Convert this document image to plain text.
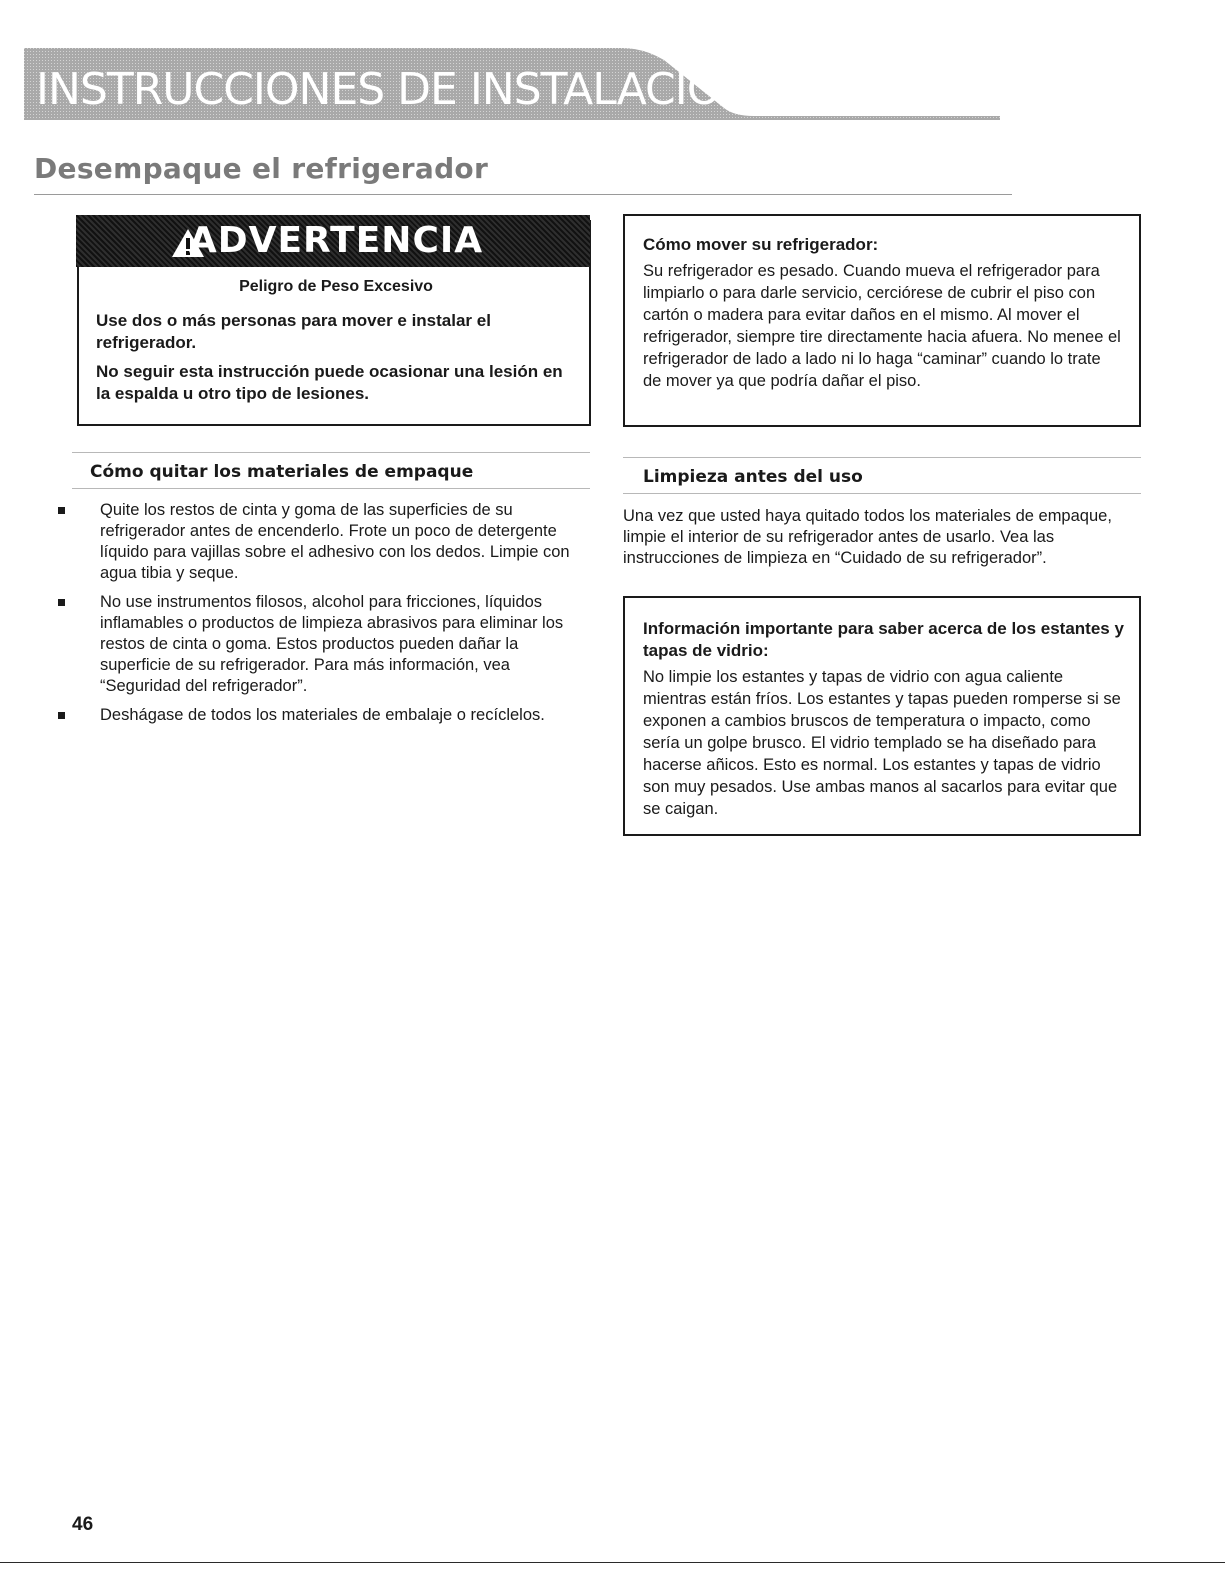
INSTRUCCIONES DE INSTALACIÓN
Desempaque el refrigerador
ADVERTENCIA
Peligro de Peso Excesivo
Use dos o más personas para mover e instalar el refrigerador.
No seguir esta instrucción puede ocasionar una lesión en la espalda u otro tipo de lesiones.
Cómo mover su refrigerador:
Su refrigerador es pesado. Cuando mueva el refrigerador para limpiarlo o para darle servicio, cerciórese de cubrir el piso con cartón o madera para evitar daños en el mismo. Al mover el refrigerador, siempre tire directamente hacia afuera. No menee el refrigerador de lado a lado ni lo haga “caminar” cuando lo trate de mover ya que podría dañar el piso.
Cómo quitar los materiales de empaque
Quite los restos de cinta y goma de las superficies de su refrigerador antes de encenderlo. Frote un poco de detergente líquido para vajillas sobre el adhesivo con los dedos. Limpie con agua tibia y seque.
No use instrumentos filosos, alcohol para fricciones, líquidos inflamables o productos de limpieza abrasivos para eliminar los restos de cinta o goma. Estos productos pueden dañar la superficie de su refrigerador. Para más información, vea “Seguridad del refrigerador”.
Deshágase de todos los materiales de embalaje o recíclelos.
Limpieza antes del uso
Una vez que usted haya quitado todos los materiales de empaque, limpie el interior de su refrigerador antes de usarlo. Vea las instrucciones de limpieza en “Cuidado de su refrigerador”.
Información importante para saber acerca de los estantes y tapas de vidrio:
No limpie los estantes y tapas de vidrio con agua caliente mientras están fríos. Los estantes y tapas pueden romperse si se exponen a cambios bruscos de temperatura o impacto, como sería un golpe brusco. El vidrio templado se ha diseñado para hacerse añicos. Esto es normal. Los estantes y tapas de vidrio son muy pesados. Use ambas manos al sacarlos para evitar que se caigan.
46
